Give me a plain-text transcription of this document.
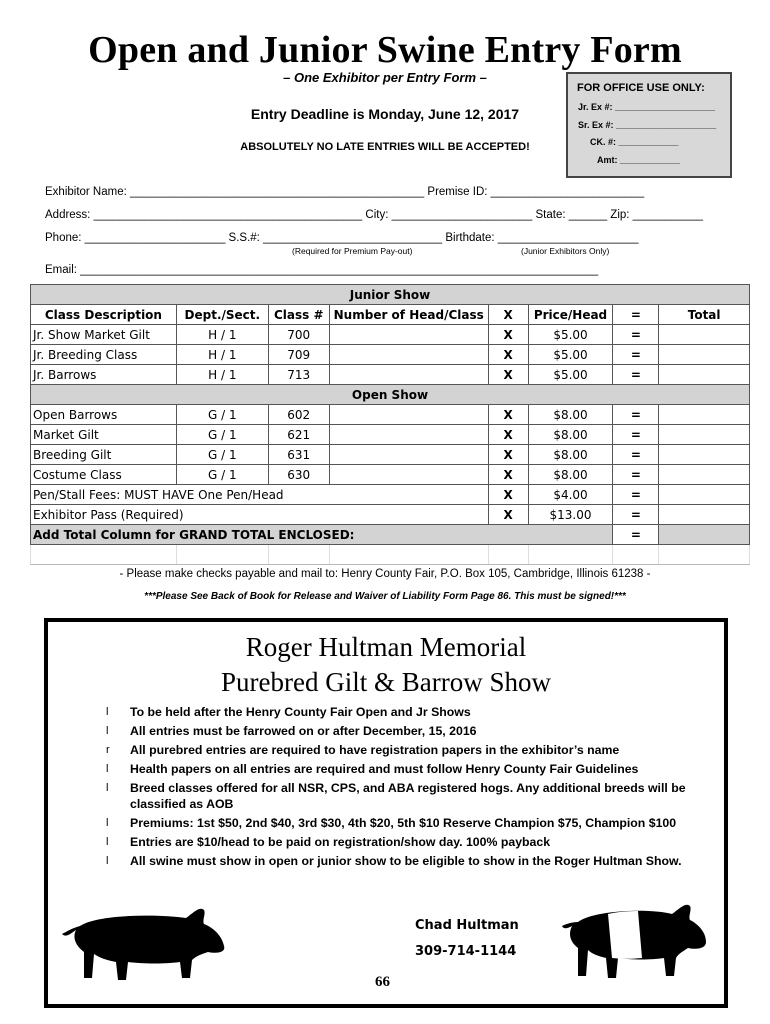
Open and Junior Swine Entry Form
– One Exhibitor per Entry Form –
Entry Deadline is Monday, June 12, 2017
ABSOLUTELY NO LATE ENTRIES WILL BE ACCEPTED!
FOR OFFICE USE ONLY:
Jr. Ex #: ____________________
Sr. Ex #: ____________________
CK. #: ____________
Amt: ____________
Exhibitor Name: ______________________________________________ Premise ID: ________________________
Address: __________________________________________ City: ______________________ State: ______ Zip: ___________
Phone: ______________________ S.S.#: ____________________________ Birthdate: ______________________
(Required for Premium Pay-out)	(Junior Exhibitors Only)
Email: _________________________________________________________________________________
Junior Show							
Class Description	Dept./Sect.	Class #	Number of Head/Class	X	Price/Head	=	Total
Jr. Show Market Gilt	H / 1	700		X	$5.00	=	
Jr. Breeding Class	H / 1	709		X	$5.00	=	
Jr. Barrows	H / 1	713		X	$5.00	=	
Open Show							
Open Barrows	G / 1	602		X	$8.00	=	
Market Gilt	G / 1	621		X	$8.00	=	
Breeding Gilt	G / 1	631		X	$8.00	=	
Costume Class	G / 1	630		X	$8.00	=	
Pen/Stall Fees: MUST HAVE One Pen/Head				X	$4.00	=	
Exhibitor Pass (Required)				X	$13.00	=	
Add Total Column for GRAND TOTAL ENCLOSED:						=	

- Please make checks payable and mail to: Henry County Fair, P.O. Box 105, Cambridge, Illinois 61238 -
***Please See Back of Book for Release and Waiver of Liability Form Page 86. This must be signed!***
Roger Hultman Memorial
Purebred Gilt & Barrow Show
l To be held after the Henry County Fair Open and Jr Shows
l All entries must be farrowed on or after December, 15, 2016
r All purebred entries are required to have registration papers in the exhibitor’s name
l Health papers on all entries are required and must follow Henry County Fair Guidelines
l Breed classes offered for all NSR, CPS, and ABA registered hogs. Any additional breeds will be classified as AOB
l Premiums: 1st $50, 2nd $40, 3rd $30, 4th $20, 5th $10 Reserve Champion $75, Champion $100
l Entries are $10/head to be paid on registration/show day. 100% payback
l All swine must show in open or junior show to be eligible to show in the Roger Hultman Show.
Chad Hultman
309-714-1144
66
